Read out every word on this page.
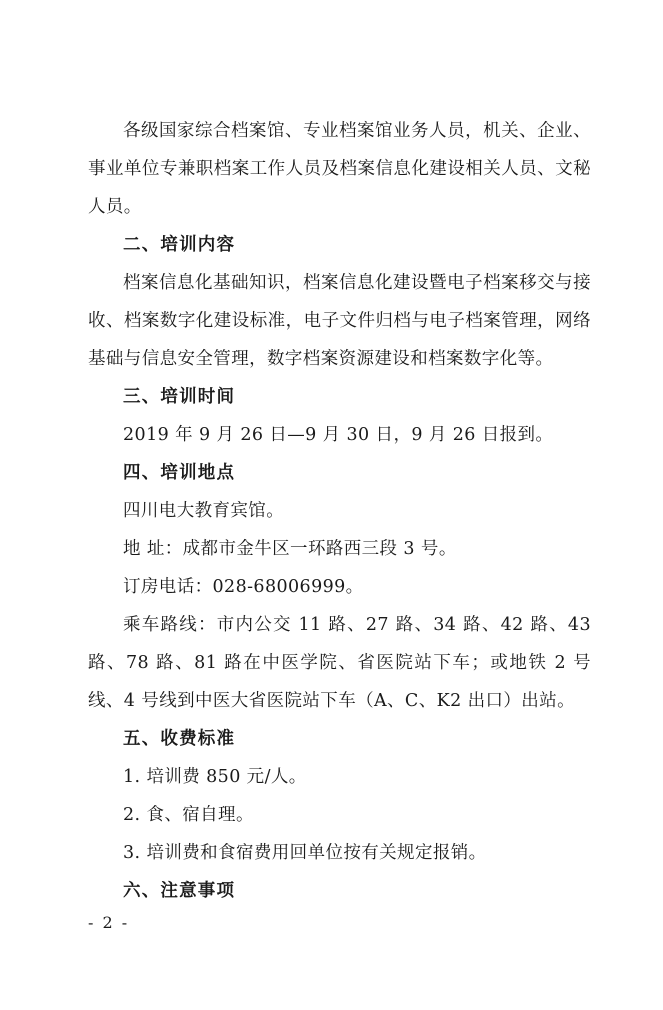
各级国家综合档案馆、专业档案馆业务人员，机关、企业、事业单位专兼职档案工作人员及档案信息化建设相关人员、文秘人员。

二、培训内容

档案信息化基础知识，档案信息化建设暨电子档案移交与接收、档案数字化建设标准，电子文件归档与电子档案管理，网络基础与信息安全管理，数字档案资源建设和档案数字化等。

三、培训时间

2019 年 9 月 26 日—9 月 30 日，9 月 26 日报到。

四、培训地点

四川电大教育宾馆。

地 址：成都市金牛区一环路西三段 3 号。

订房电话：028-68006999。

乘车路线：市内公交 11 路、27 路、34 路、42 路、43 路、78 路、81 路在中医学院、省医院站下车；或地铁 2 号线、4 号线到中医大省医院站下车（A、C、K2 出口）出站。

五、收费标准

1. 培训费 850 元/人。

2. 食、宿自理。

3. 培训费和食宿费用回单位按有关规定报销。

六、注意事项

- 2 -
